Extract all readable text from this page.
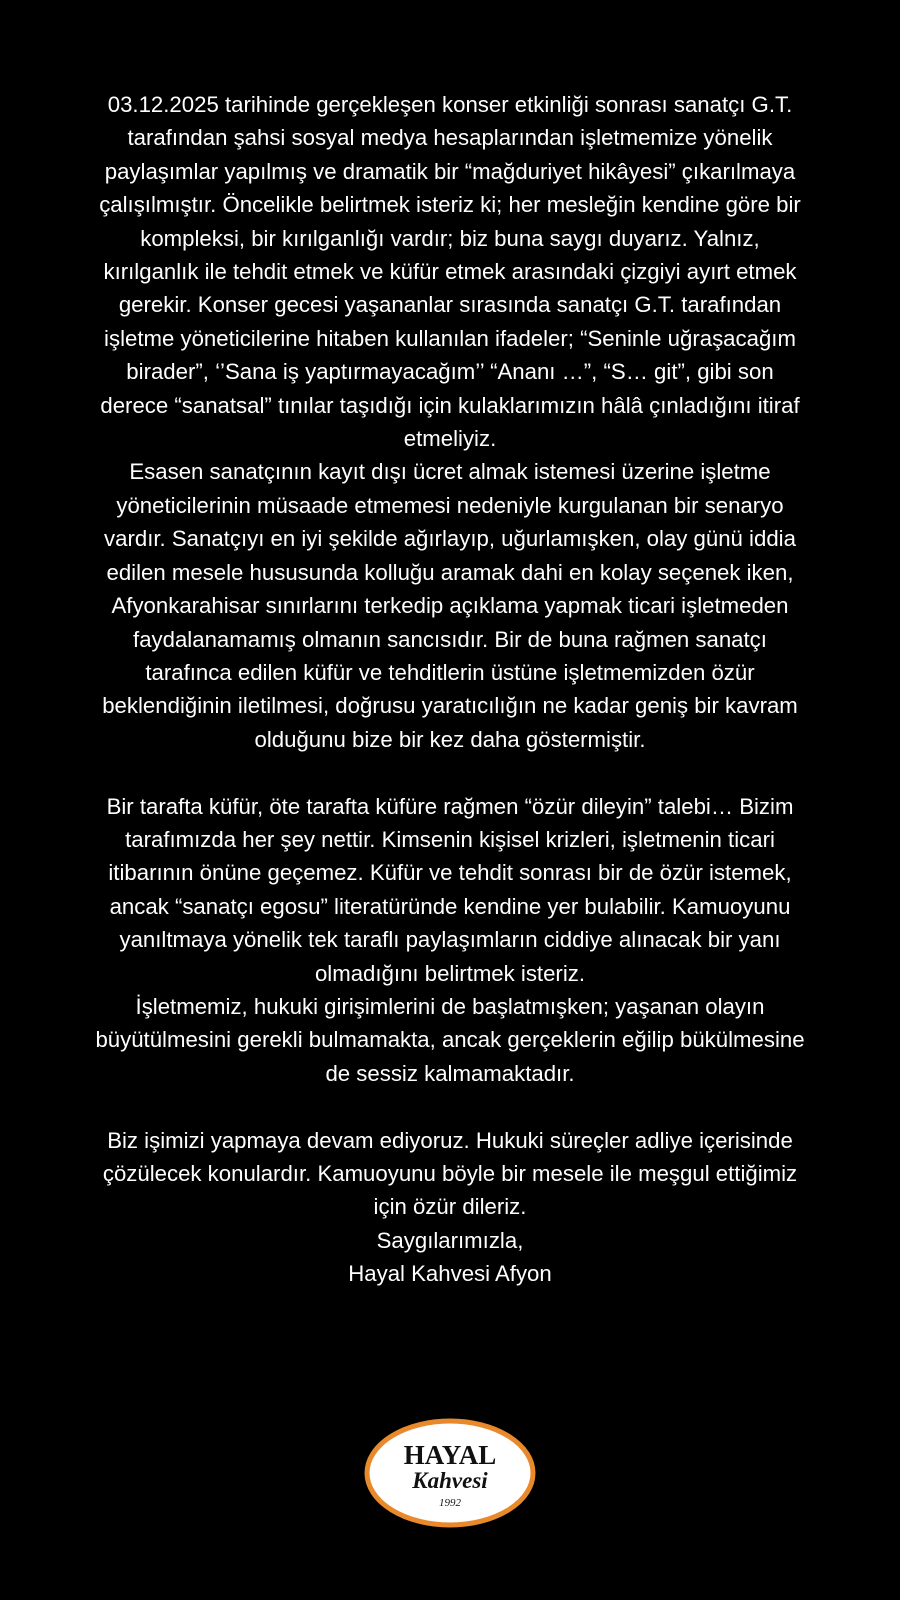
03.12.2025 tarihinde gerçekleşen konser etkinliği sonrası sanatçı G.T. tarafından şahsi sosyal medya hesaplarından işletmemize yönelik paylaşımlar yapılmış ve dramatik bir “mağduriyet hikâyesi” çıkarılmaya çalışılmıştır. Öncelikle belirtmek isteriz ki; her mesleğin kendine göre bir kompleksi, bir kırılganlığı vardır; biz buna saygı duyarız. Yalnız, kırılganlık ile tehdit etmek ve küfür etmek arasındaki çizgiyi ayırt etmek gerekir. Konser gecesi yaşananlar sırasında sanatçı G.T. tarafından işletme yöneticilerine hitaben kullanılan ifadeler; “Seninle uğraşacağım birader”, ‘’Sana iş yaptırmayacağım’’ “Ananı …”, “S… git”, gibi son derece “sanatsal” tınılar taşıdığı için kulaklarımızın hâlâ çınladığını itiraf etmeliyiz.

Esasen sanatçının kayıt dışı ücret almak istemesi üzerine işletme yöneticilerinin müsaade etmemesi nedeniyle kurgulanan bir senaryo vardır. Sanatçıyı en iyi şekilde ağırlayıp, uğurlamışken, olay günü iddia edilen mesele hususunda kolluğu aramak dahi en kolay seçenek iken, Afyonkarahisar sınırlarını terkedip açıklama yapmak ticari işletmeden faydalanamamış olmanın sancısıdır. Bir de buna rağmen sanatçı tarafınca edilen küfür ve tehditlerin üstüne işletmemizden özür beklendiğinin iletilmesi, doğrusu yaratıcılığın ne kadar geniş bir kavram olduğunu bize bir kez daha göstermiştir.

Bir tarafta küfür, öte tarafta küfüre rağmen “özür dileyin” talebi… Bizim tarafımızda her şey nettir. Kimsenin kişisel krizleri, işletmenin ticari itibarının önüne geçemez. Küfür ve tehdit sonrası bir de özür istemek, ancak “sanatçı egosu” literatüründe kendine yer bulabilir. Kamuoyunu yanıltmaya yönelik tek taraflı paylaşımların ciddiye alınacak bir yanı olmadığını belirtmek isteriz.

İşletmemiz, hukuki girişimlerini de başlatmışken; yaşanan olayın büyütülmesini gerekli bulmamakta, ancak gerçeklerin eğilip bükülmesine de sessiz kalmamaktadır.

Biz işimizi yapmaya devam ediyoruz. Hukuki süreçler adliye içerisinde çözülecek konulardır. Kamuoyunu böyle bir mesele ile meşgul ettiğimiz için özür dileriz.

Saygılarımızla,

Hayal Kahvesi Afyon

HAYAL
Kahvesi
1992
